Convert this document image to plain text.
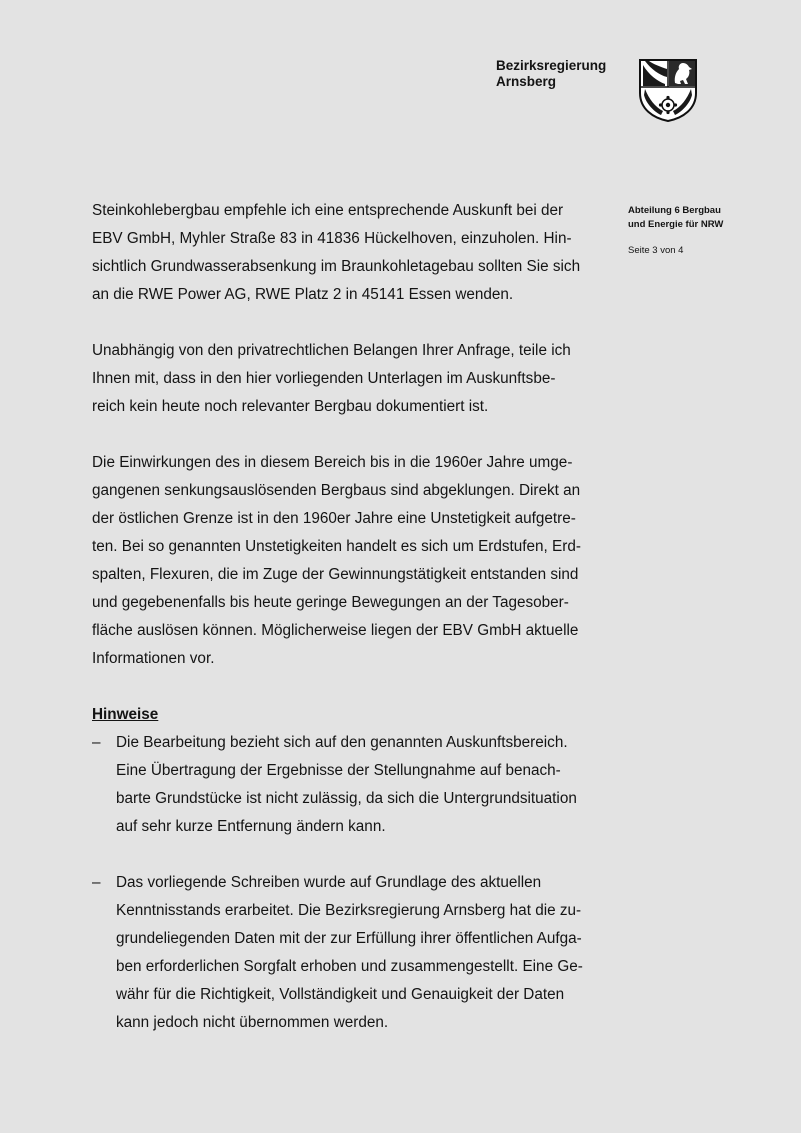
Bezirksregierung
Arnsberg
Abteilung 6 Bergbau
und Energie für NRW
Seite 3 von 4

Steinkohlebergbau empfehle ich eine entsprechende Auskunft bei der

EBV GmbH, Myhler Straße 83 in 41836 Hückelhoven, einzuholen. Hin-

sichtlich Grundwasserabsenkung im Braunkohletagebau sollten Sie sich

an die RWE Power AG, RWE Platz 2 in 45141 Essen wenden.

Unabhängig von den privatrechtlichen Belangen Ihrer Anfrage, teile ich

Ihnen mit, dass in den hier vorliegenden Unterlagen im Auskunftsbe-

reich kein heute noch relevanter Bergbau dokumentiert ist.

Die Einwirkungen des in diesem Bereich bis in die 1960er Jahre umge-

gangenen senkungsauslösenden Bergbaus sind abgeklungen. Direkt an

der östlichen Grenze ist in den 1960er Jahre eine Unstetigkeit aufgetre-

ten. Bei so genannten Unstetigkeiten handelt es sich um Erdstufen, Erd-

spalten, Flexuren, die im Zuge der Gewinnungstätigkeit entstanden sind

und gegebenenfalls bis heute geringe Bewegungen an der Tagesober-

fläche auslösen können. Möglicherweise liegen der EBV GmbH aktuelle

Informationen vor.

Hinweise

– Die Bearbeitung bezieht sich auf den genannten Auskunftsbereich.

Eine Übertragung der Ergebnisse der Stellungnahme auf benach-

barte Grundstücke ist nicht zulässig, da sich die Untergrundsituation

auf sehr kurze Entfernung ändern kann.

– Das vorliegende Schreiben wurde auf Grundlage des aktuellen

Kenntnisstands erarbeitet. Die Bezirksregierung Arnsberg hat die zu-

grundeliegenden Daten mit der zur Erfüllung ihrer öffentlichen Aufga-

ben erforderlichen Sorgfalt erhoben und zusammengestellt. Eine Ge-

währ für die Richtigkeit, Vollständigkeit und Genauigkeit der Daten

kann jedoch nicht übernommen werden.
